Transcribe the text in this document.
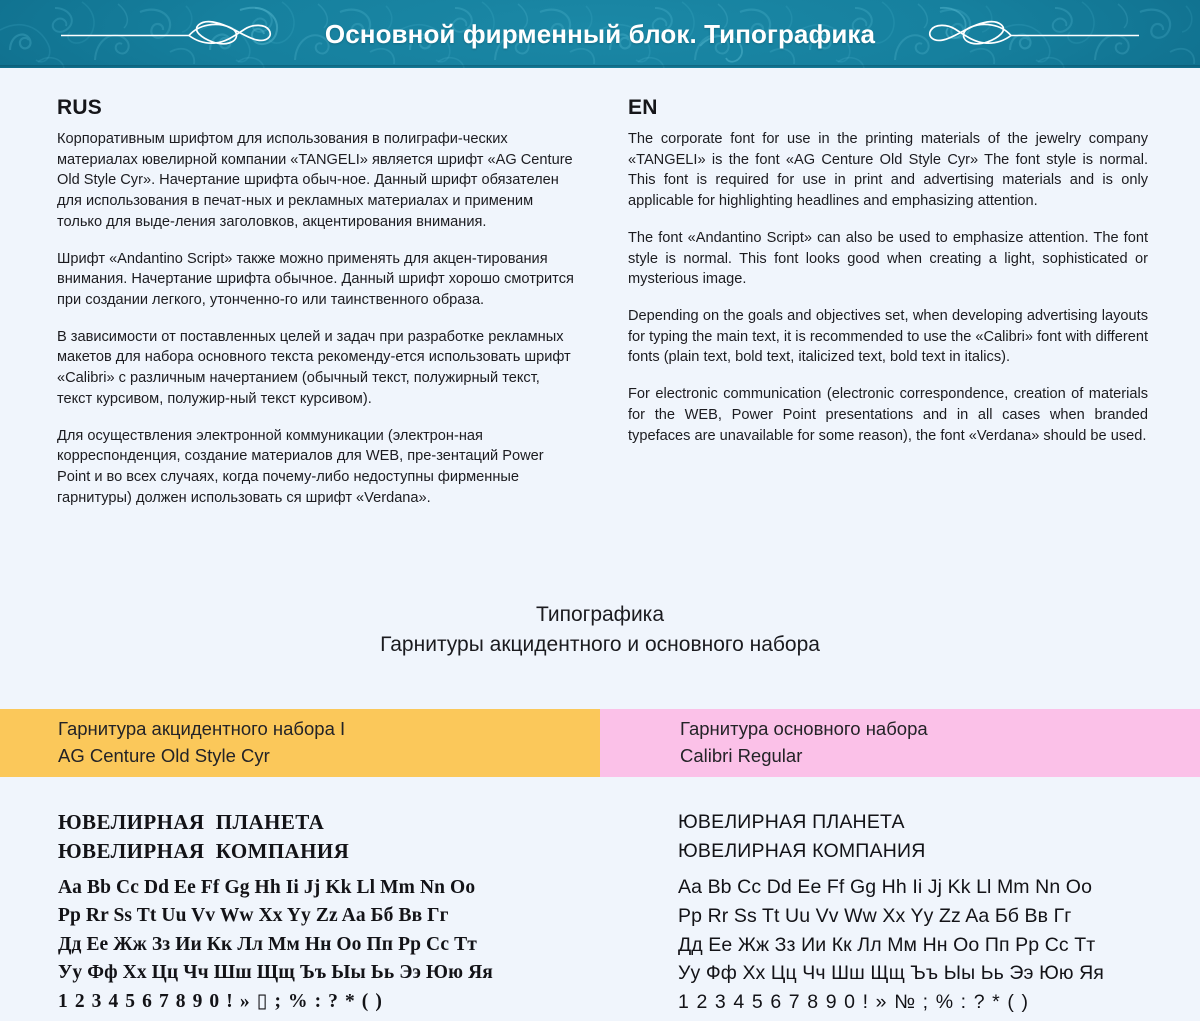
Основной фирменный блок. Типографика
RUS

Корпоративным шрифтом для использования в полиграфи-ческих материалах ювелирной компании «TANGELI» является шрифт «AG Centure Old Style Cyr». Начертание шрифта обыч-ное. Данный шрифт обязателен для использования в печат-ных и рекламных материалах и применим только для выде-ления заголовков, акцентирования внимания.

Шрифт «Andantino Script» также можно применять для акцен-тирования внимания. Начертание шрифта обычное. Данный шрифт хорошо смотрится при создании легкого, утонченно-го или таинственного образа.

В зависимости от поставленных целей и задач при разработке рекламных макетов для набора основного текста рекоменду-ется использовать шрифт «Calibri» с различным начертанием (обычный текст, полужирный текст, текст курсивом, полужир-ный текст курсивом).

Для осуществления электронной коммуникации (электрон-ная корреспонденция, создание материалов для WEB, пре-зентаций Power Point и во всех случаях, когда почему-либо недоступны фирменные гарнитуры) должен использовать ся шрифт «Verdana».

EN

The corporate font for use in the printing materials of the jewelry company «TANGELI» is the font «AG Centure Old Style Cyr» The font style is normal. This font is required for use in print and advertising materials and is only applicable for highlighting headlines and emphasizing attention.

The font «Andantino Script» can also be used to emphasize attention. The font style is normal. This font looks good when creating a light, sophisticated or mysterious image.

Depending on the goals and objectives set, when developing advertising layouts for typing the main text, it is recommended to use the «Calibri» font with different fonts (plain text, bold text, italicized text, bold text in italics).

For electronic communication (electronic correspondence, creation of materials for the WEB, Power Point presentations and in all cases when branded typefaces are unavailable for some reason), the font «Verdana» should be used.

Типографика
Гарнитуры акцидентного и основного набора
Гарнитура акцидентного набора I
AG Centure Old Style Cyr
Гарнитура основного набора
Calibri Regular
ЮВЕЛИРНАЯ  ПЛАНЕТА
ЮВЕЛИРНАЯ  КОМПАНИЯ
Aa Bb Cc Dd Ee Ff Gg Hh Ii Jj Kk Ll Mm Nn Oo
Pp Rr Ss Tt Uu Vv Ww Xx Yy Zz Aa Бб Вв Гг
Дд Ее Жж Зз Ии Кк Лл Мм Нн Оо Пп Рр Сс Тт
Уу Фф Хх Цц Чч Шш Щщ Ъъ Ыы Ьь Ээ Юю Яя
1 2 3 4 5 6 7 8 9 0 ! » ▯ ; % : ? * ( )
ЮВЕЛИРНАЯ ПЛАНЕТА
ЮВЕЛИРНАЯ КОМПАНИЯ
Aa Bb Cc Dd Ee Ff Gg Hh Ii Jj Kk Ll Mm Nn Oo
Pp Rr Ss Tt Uu Vv Ww Xx Yy Zz Aa Бб Вв Гг
Дд Ее Жж Зз Ии Кк Лл Мм Нн Оо Пп Рр Сс Тт
Уу Фф Хх Цц Чч Шш Щщ Ъъ Ыы Ьь Ээ Юю Яя
1 2 3 4 5 6 7 8 9 0 ! » № ; % : ? * ( )
